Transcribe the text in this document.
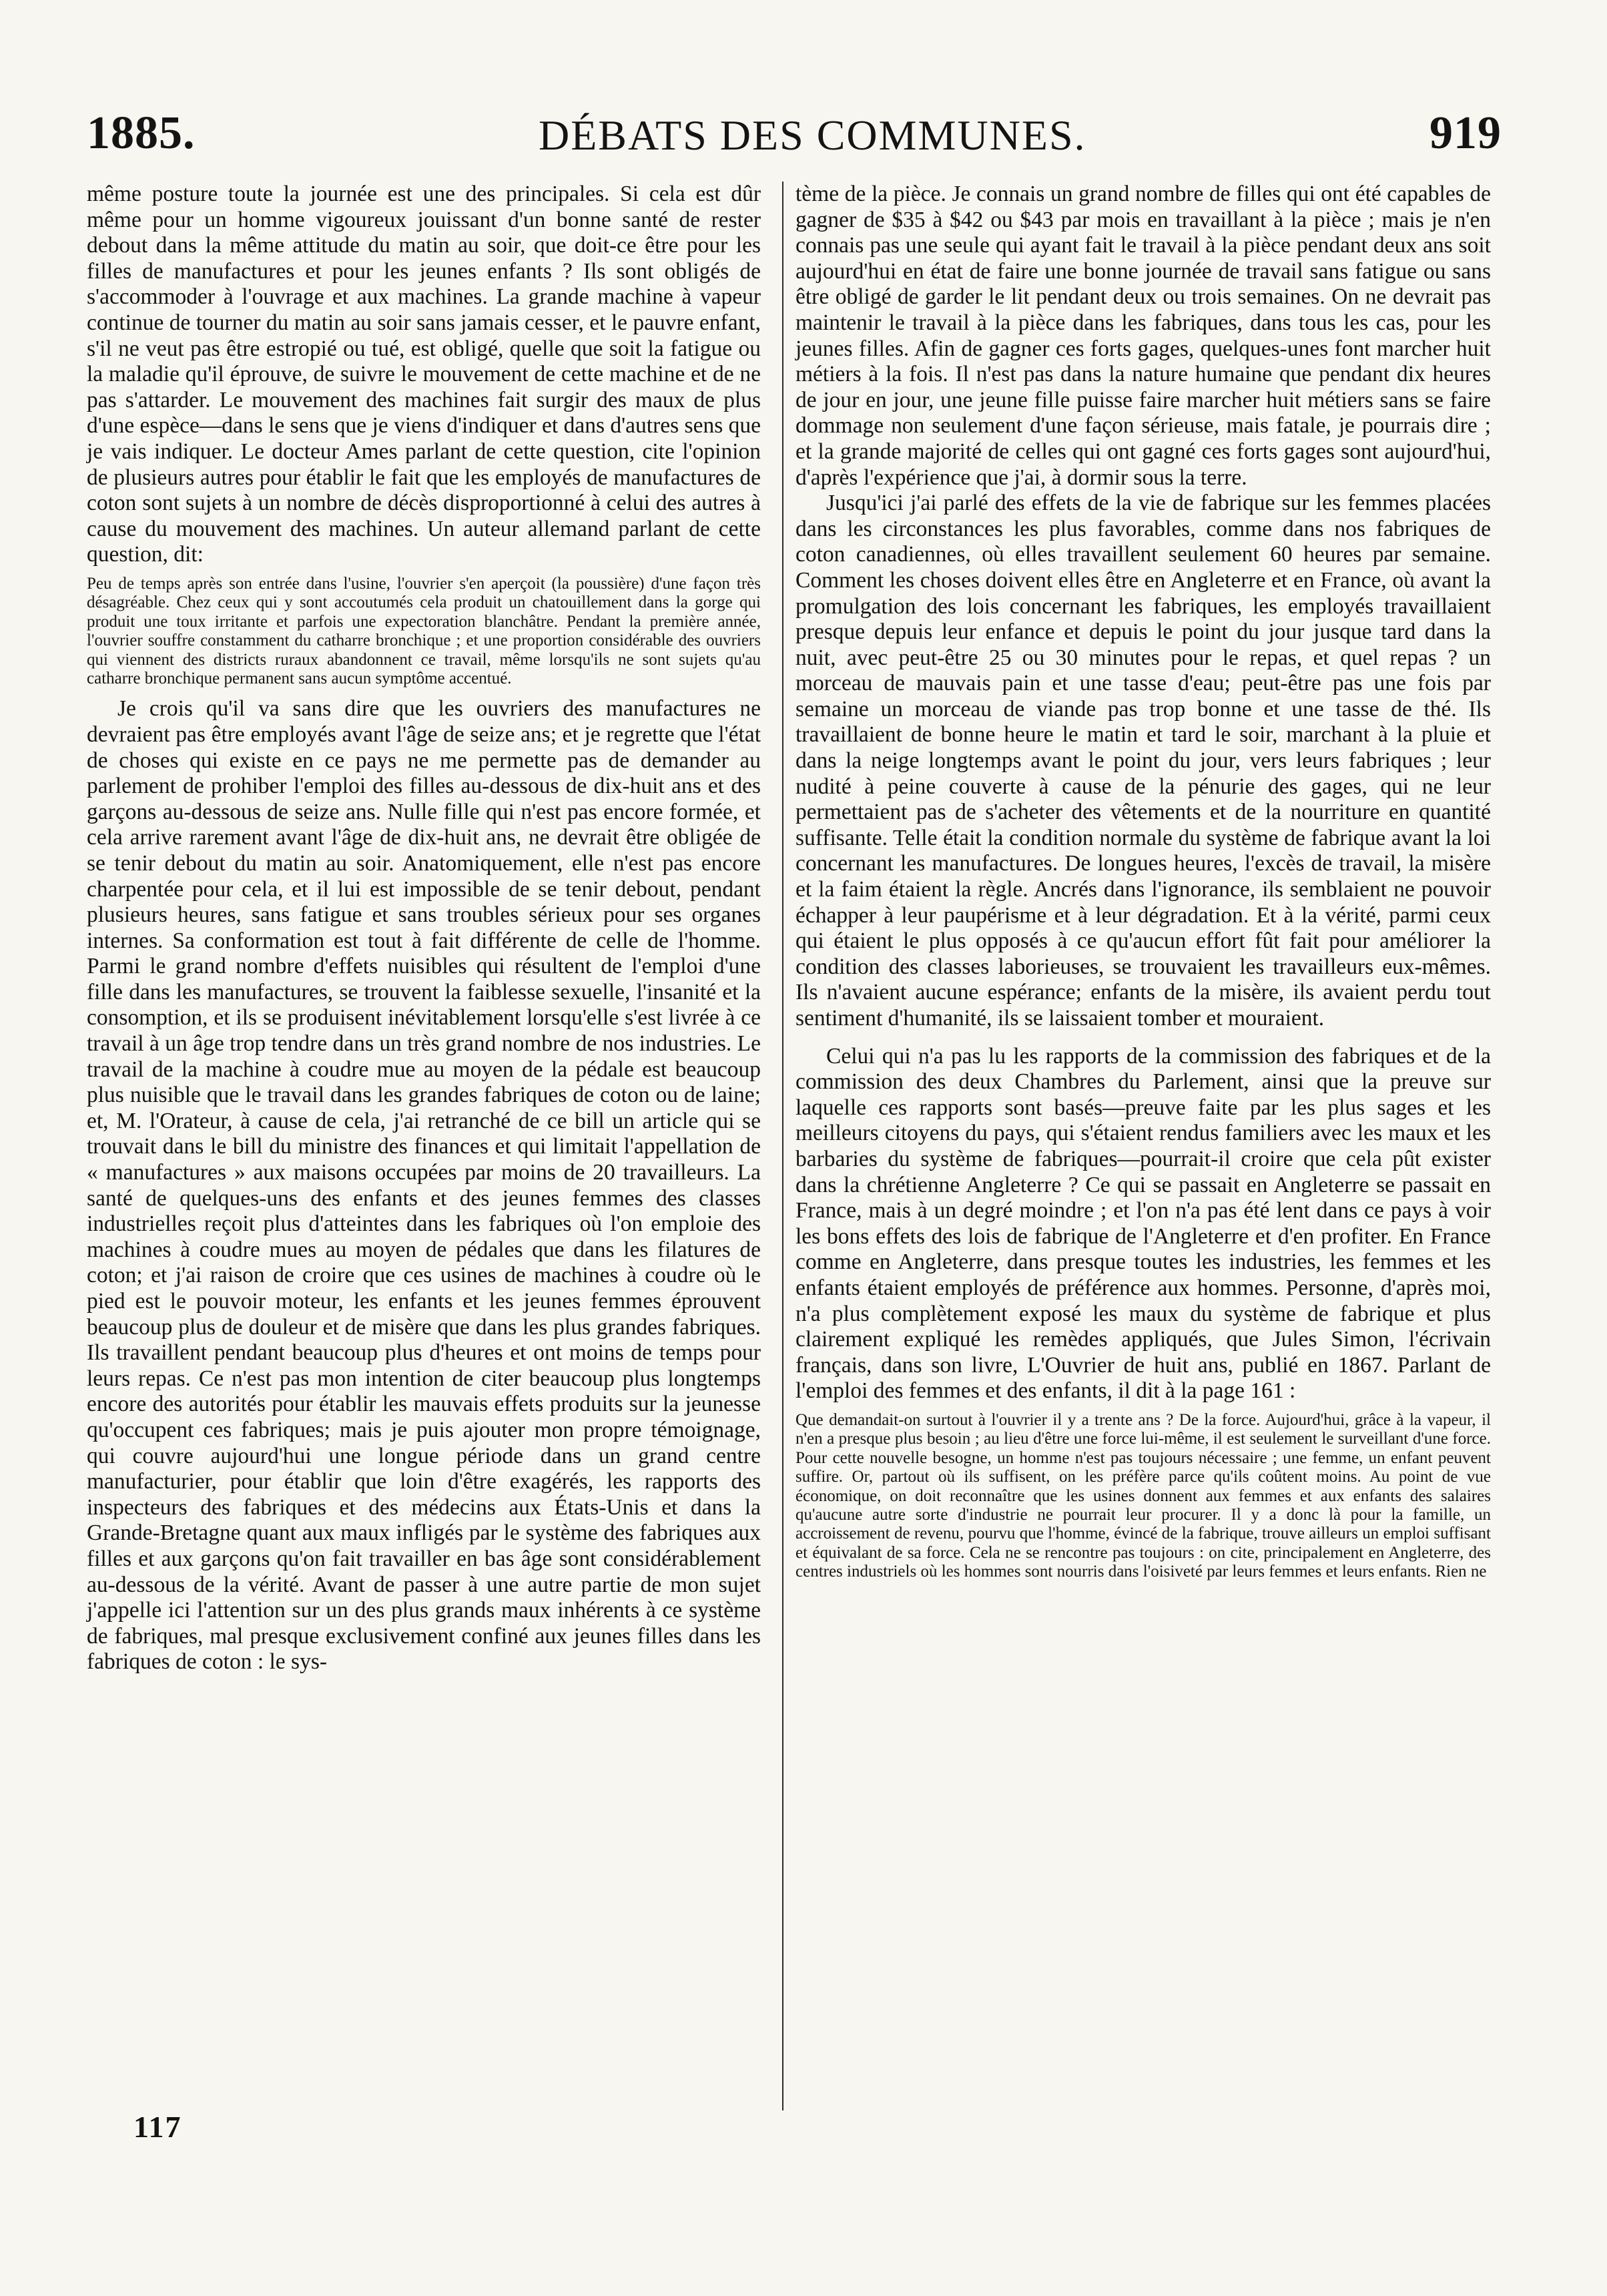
1885.	DÉBATS DES COMMUNES.	919

même posture toute la journée est une des principales. Si cela est dûr même pour un homme vigoureux jouissant d'un bonne santé de rester debout dans la même attitude du matin au soir, que doit-ce être pour les filles de manufactures et pour les jeunes enfants ? Ils sont obligés de s'accommoder à l'ouvrage et aux machines. La grande machine à vapeur continue de tourner du matin au soir sans jamais cesser, et le pauvre enfant, s'il ne veut pas être estropié ou tué, est obligé, quelle que soit la fatigue ou la maladie qu'il éprouve, de suivre le mouvement de cette machine et de ne pas s'attarder. Le mouvement des machines fait surgir des maux de plus d'une espèce—dans le sens que je viens d'indiquer et dans d'autres sens que je vais indiquer. Le docteur Ames parlant de cette question, cite l'opinion de plusieurs autres pour établir le fait que les employés de manufactures de coton sont sujets à un nombre de décès disproportionné à celui des autres à cause du mouvement des machines. Un auteur allemand parlant de cette question, dit:

Peu de temps après son entrée dans l'usine, l'ouvrier s'en aperçoit (la poussière) d'une façon très désagréable. Chez ceux qui y sont accoutumés cela produit un chatouillement dans la gorge qui produit une toux irritante et parfois une expectoration blanchâtre. Pendant la première année, l'ouvrier souffre constamment du catharre bronchique ; et une proportion considérable des ouvriers qui viennent des districts ruraux abandonnent ce travail, même lorsqu'ils ne sont sujets qu'au catharre bronchique permanent sans aucun symptôme accentué.

Je crois qu'il va sans dire que les ouvriers des manufactures ne devraient pas être employés avant l'âge de seize ans; et je regrette que l'état de choses qui existe en ce pays ne me permette pas de demander au parlement de prohiber l'emploi des filles au-dessous de dix-huit ans et des garçons au-dessous de seize ans. Nulle fille qui n'est pas encore formée, et cela arrive rarement avant l'âge de dix-huit ans, ne devrait être obligée de se tenir debout du matin au soir. Anatomiquement, elle n'est pas encore charpentée pour cela, et il lui est impossible de se tenir debout, pendant plusieurs heures, sans fatigue et sans troubles sérieux pour ses organes internes. Sa conformation est tout à fait différente de celle de l'homme. Parmi le grand nombre d'effets nuisibles qui résultent de l'emploi d'une fille dans les manufactures, se trouvent la faiblesse sexuelle, l'insanité et la consomption, et ils se produisent inévitablement lorsqu'elle s'est livrée à ce travail à un âge trop tendre dans un très grand nombre de nos industries. Le travail de la machine à coudre mue au moyen de la pédale est beaucoup plus nuisible que le travail dans les grandes fabriques de coton ou de laine; et, M. l'Orateur, à cause de cela, j'ai retranché de ce bill un article qui se trouvait dans le bill du ministre des finances et qui limitait l'appellation de « manufactures » aux maisons occupées par moins de 20 travailleurs. La santé de quelques-uns des enfants et des jeunes femmes des classes industrielles reçoit plus d'atteintes dans les fabriques où l'on emploie des machines à coudre mues au moyen de pédales que dans les filatures de coton; et j'ai raison de croire que ces usines de machines à coudre où le pied est le pouvoir moteur, les enfants et les jeunes femmes éprouvent beaucoup plus de douleur et de misère que dans les plus grandes fabriques. Ils travaillent pendant beaucoup plus d'heures et ont moins de temps pour leurs repas. Ce n'est pas mon intention de citer beaucoup plus longtemps encore des autorités pour établir les mauvais effets produits sur la jeunesse qu'occupent ces fabriques; mais je puis ajouter mon propre témoignage, qui couvre aujourd'hui une longue période dans un grand centre manufacturier, pour établir que loin d'être exagérés, les rapports des inspecteurs des fabriques et des médecins aux États-Unis et dans la Grande-Bretagne quant aux maux infligés par le système des fabriques aux filles et aux garçons qu'on fait travailler en bas âge sont considérablement au-dessous de la vérité. Avant de passer à une autre partie de mon sujet j'appelle ici l'attention sur un des plus grands maux inhérents à ce système de fabriques, mal presque exclusivement confiné aux jeunes filles dans les fabriques de coton : le sys-

tème de la pièce. Je connais un grand nombre de filles qui ont été capables de gagner de $35 à $42 ou $43 par mois en travaillant à la pièce ; mais je n'en connais pas une seule qui ayant fait le travail à la pièce pendant deux ans soit aujourd'hui en état de faire une bonne journée de travail sans fatigue ou sans être obligé de garder le lit pendant deux ou trois semaines. On ne devrait pas maintenir le travail à la pièce dans les fabriques, dans tous les cas, pour les jeunes filles. Afin de gagner ces forts gages, quelques-unes font marcher huit métiers à la fois. Il n'est pas dans la nature humaine que pendant dix heures de jour en jour, une jeune fille puisse faire marcher huit métiers sans se faire dommage non seulement d'une façon sérieuse, mais fatale, je pourrais dire ; et la grande majorité de celles qui ont gagné ces forts gages sont aujourd'hui, d'après l'expérience que j'ai, à dormir sous la terre.

Jusqu'ici j'ai parlé des effets de la vie de fabrique sur les femmes placées dans les circonstances les plus favorables, comme dans nos fabriques de coton canadiennes, où elles travaillent seulement 60 heures par semaine. Comment les choses doivent elles être en Angleterre et en France, où avant la promulgation des lois concernant les fabriques, les employés travaillaient presque depuis leur enfance et depuis le point du jour jusque tard dans la nuit, avec peut-être 25 ou 30 minutes pour le repas, et quel repas ? un morceau de mauvais pain et une tasse d'eau; peut-être pas une fois par semaine un morceau de viande pas trop bonne et une tasse de thé. Ils travaillaient de bonne heure le matin et tard le soir, marchant à la pluie et dans la neige longtemps avant le point du jour, vers leurs fabriques ; leur nudité à peine couverte à cause de la pénurie des gages, qui ne leur permettaient pas de s'acheter des vêtements et de la nourriture en quantité suffisante. Telle était la condition normale du système de fabrique avant la loi concernant les manufactures. De longues heures, l'excès de travail, la misère et la faim étaient la règle. Ancrés dans l'ignorance, ils semblaient ne pouvoir échapper à leur paupérisme et à leur dégradation. Et à la vérité, parmi ceux qui étaient le plus opposés à ce qu'aucun effort fût fait pour améliorer la condition des classes laborieuses, se trouvaient les travailleurs eux-mêmes. Ils n'avaient aucune espérance; enfants de la misère, ils avaient perdu tout sentiment d'humanité, ils se laissaient tomber et mouraient.

Celui qui n'a pas lu les rapports de la commission des fabriques et de la commission des deux Chambres du Parlement, ainsi que la preuve sur laquelle ces rapports sont basés—preuve faite par les plus sages et les meilleurs citoyens du pays, qui s'étaient rendus familiers avec les maux et les barbaries du système de fabriques—pourrait-il croire que cela pût exister dans la chrétienne Angleterre ? Ce qui se passait en Angleterre se passait en France, mais à un degré moindre ; et l'on n'a pas été lent dans ce pays à voir les bons effets des lois de fabrique de l'Angleterre et d'en profiter. En France comme en Angleterre, dans presque toutes les industries, les femmes et les enfants étaient employés de préférence aux hommes. Personne, d'après moi, n'a plus complètement exposé les maux du système de fabrique et plus clairement expliqué les remèdes appliqués, que Jules Simon, l'écrivain français, dans son livre, L'Ouvrier de huit ans, publié en 1867. Parlant de l'emploi des femmes et des enfants, il dit à la page 161 :

Que demandait-on surtout à l'ouvrier il y a trente ans ? De la force. Aujourd'hui, grâce à la vapeur, il n'en a presque plus besoin ; au lieu d'être une force lui-même, il est seulement le surveillant d'une force. Pour cette nouvelle besogne, un homme n'est pas toujours nécessaire ; une femme, un enfant peuvent suffire. Or, partout où ils suffisent, on les préfère parce qu'ils coûtent moins. Au point de vue économique, on doit reconnaître que les usines donnent aux femmes et aux enfants des salaires qu'aucune autre sorte d'industrie ne pourrait leur procurer. Il y a donc là pour la famille, un accroissement de revenu, pourvu que l'homme, évincé de la fabrique, trouve ailleurs un emploi suffisant et équivalant de sa force. Cela ne se rencontre pas toujours : on cite, principalement en Angleterre, des centres industriels où les hommes sont nourris dans l'oisiveté par leurs femmes et leurs enfants. Rien ne

117
